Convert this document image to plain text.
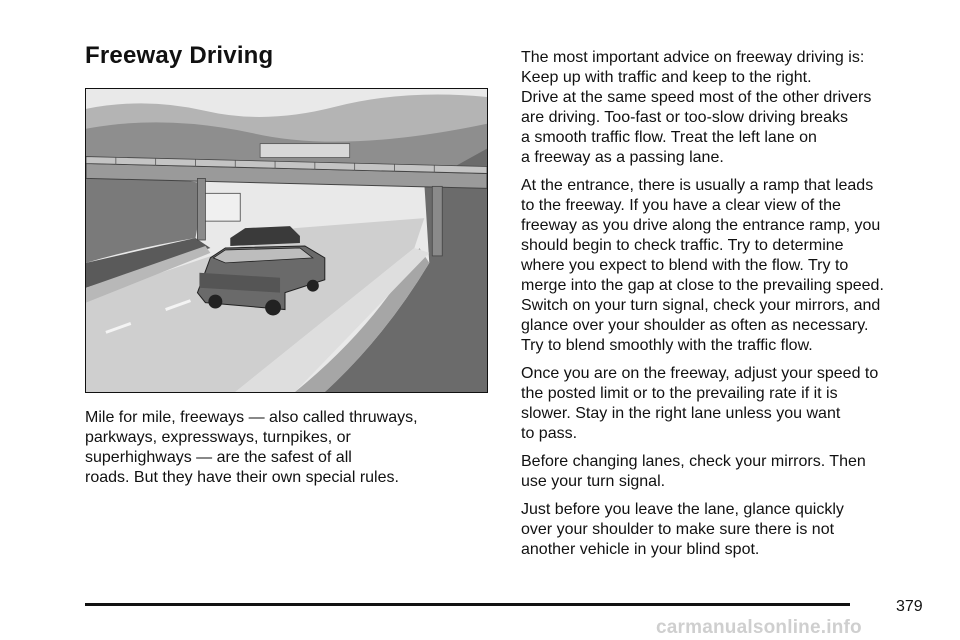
Freeway Driving

Mile for mile, freeways — also called thruways,
parkways, expressways, turnpikes, or
superhighways — are the safest of all
roads. But they have their own special rules.

The most important advice on freeway driving is:
Keep up with traffic and keep to the right.
Drive at the same speed most of the other drivers
are driving. Too-fast or too-slow driving breaks
a smooth traffic flow. Treat the left lane on
a freeway as a passing lane.

At the entrance, there is usually a ramp that leads
to the freeway. If you have a clear view of the
freeway as you drive along the entrance ramp, you
should begin to check traffic. Try to determine
where you expect to blend with the flow. Try to
merge into the gap at close to the prevailing speed.
Switch on your turn signal, check your mirrors, and
glance over your shoulder as often as necessary.
Try to blend smoothly with the traffic flow.

Once you are on the freeway, adjust your speed to
the posted limit or to the prevailing rate if it is
slower. Stay in the right lane unless you want
to pass.

Before changing lanes, check your mirrors. Then
use your turn signal.

Just before you leave the lane, glance quickly
over your shoulder to make sure there is not
another vehicle in your blind spot.

379
carmanualsonline.info
